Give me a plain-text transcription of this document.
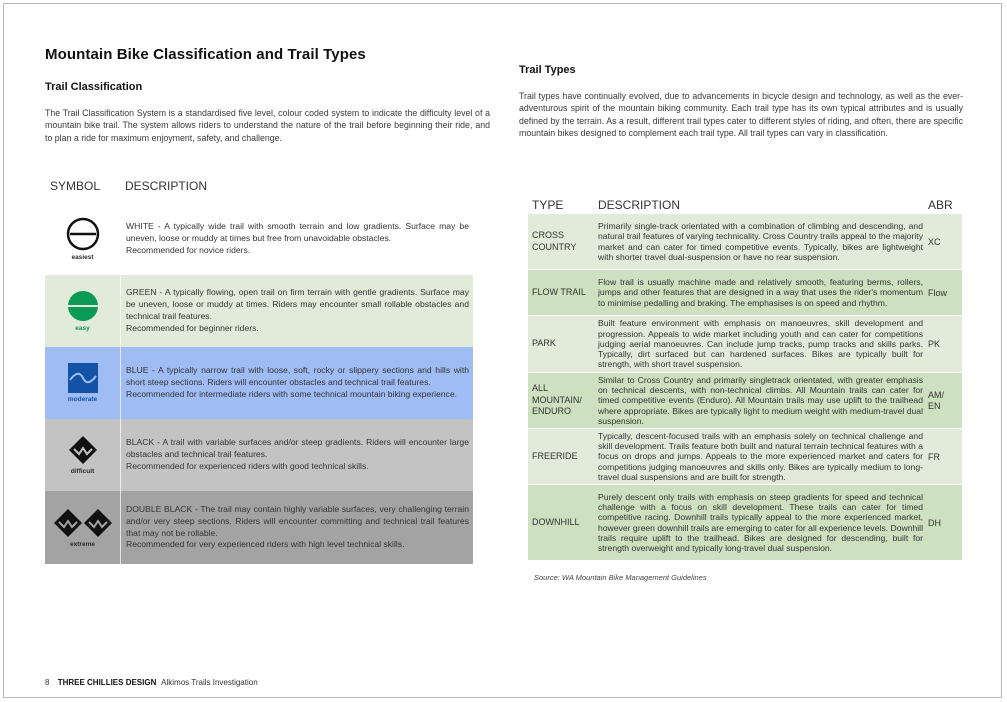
Mountain Bike Classification and Trail Types
Trail Classification

The Trail Classification System is a standardised five level, colour coded system to indicate the difficulty level of a mountain bike trail. The system allows riders to understand the nature of the trail before beginning their ride, and to plan a ride for maximum enjoyment, safety, and challenge.

SYMBOL DESCRIPTION
easiest
WHITE - A typically wide trail with smooth terrain and low gradients. Surface may be uneven, loose or muddy at times but free from unavoidable obstacles.
Recommended for novice riders.
easy
GREEN - A typically flowing, open trail on firm terrain with gentle gradients. Surface may be uneven, loose or muddy at times. Riders may encounter small rollable obstacles and technical trail features.
Recommended for beginner riders.
moderate
BLUE - A typically narrow trail with loose, soft, rocky or slippery sections and hills with short steep sections. Riders will encounter obstacles and technical trail features.
Recommended for intermediate riders with some technical mountain biking experience.
difficult
BLACK - A trail with variable surfaces and/or steep gradients. Riders will encounter large obstacles and technical trail features.
Recommended for experienced riders with good technical skills.
extreme
DOUBLE BLACK - The trail may contain highly variable surfaces, very challenging terrain and/or very steep sections. Riders will encounter committing and technical trail features that may not be rollable.
Recommended for very experienced riders with high level technical skills.
Trail Types

Trail types have continually evolved, due to advancements in bicycle design and technology, as well as the ever-adventurous spirit of the mountain biking community. Each trail type has its own typical attributes and is usually defined by the terrain. As a result, different trail types cater to different styles of riding, and often, there are specific mountain bikes designed to complement each trail type. All trail types can vary in classification.

TYPE	DESCRIPTION	ABR
CROSS COUNTRY
Primarily single-track orientated with a combination of climbing and descending, and natural trail features of varying technicality. Cross Country trails appeal to the majority market and can cater for timed competitive events. Typically, bikes are lightweight with shorter travel dual-suspension or have no rear suspension.
XC
FLOW TRAIL
Flow trail is usually machine made and relatively smooth, featuring berms, rollers, jumps and other features that are designed in a way that uses the rider's momentum to minimise pedalling and braking. The emphasises is on speed and rhythm.
Flow
PARK
Built feature environment with emphasis on manoeuvres, skill development and progression. Appeals to wide market including youth and can cater for competitions judging aerial manoeuvres. Can include jump tracks, pump tracks and skills parks. Typically, dirt surfaced but can hardened surfaces. Bikes are typically built for strength, with short travel suspension.
PK
ALL MOUNTAIN/ ENDURO
Similar to Cross Country and primarily singletrack orientated, with greater emphasis on technical descents, with non-technical climbs. All Mountain trails can cater for timed competitive events (Enduro). All Mountain trails may use uplift to the trailhead where appropriate. Bikes are typically light to medium weight with medium-travel dual suspension.
AM/ EN
FREERIDE
Typically, descent-focused trails with an emphasis solely on technical challenge and skill development. Trails feature both built and natural terrain technical features with a focus on drops and jumps. Appeals to the more experienced market and caters for competitions judging manoeuvres and skills only. Bikes are typically medium to long-travel dual suspensions and are built for strength.
FR
DOWNHILL
Purely descent only trails with emphasis on steep gradients for speed and technical challenge with a focus on skill development. These trails can cater for timed competitive racing. Downhill trails typically appeal to the more experienced market, however green downhill trails are emerging to cater for all experience levels. Downhill trails require uplift to the trailhead. Bikes are designed for descending, built for strength overweight and typically long-travel dual suspension.
DH
Source: WA Mountain Bike Management Guidelines
8 THREE CHILLIES DESIGN Alkimos Trails Investigation
